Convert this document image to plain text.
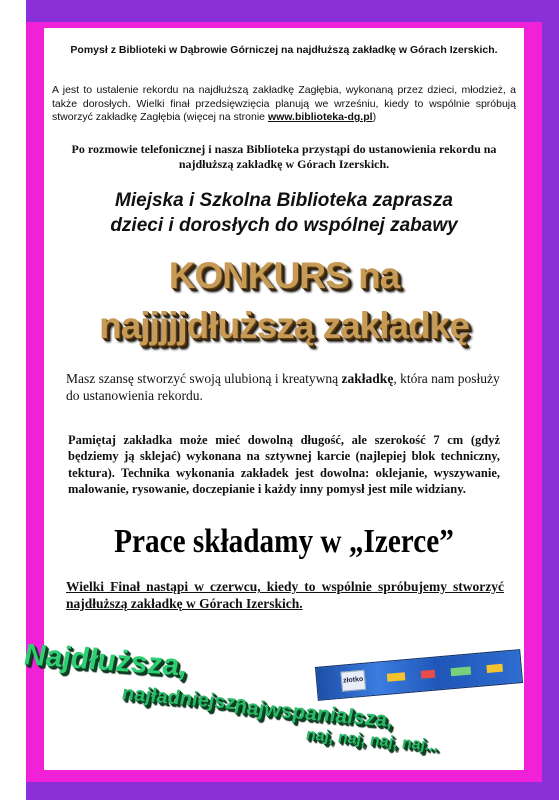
Pomysł z Biblioteki w Dąbrowie Górniczej na najdłuższą zakładkę w Górach Izerskich.
A jest to ustalenie rekordu na najdłuższą zakładkę Zagłębia, wykonaną przez dzieci, młodzież, a także dorosłych. Wielki finał przedsięwzięcia planują we wrześniu, kiedy to wspólnie spróbują stworzyć zakładkę Zagłębia (więcej na stronie www.biblioteka-dg.pl)
Po rozmowie telefonicznej i nasza Biblioteka przystąpi do ustanowienia rekordu na najdłuższą zakładkę w Górach Izerskich.
Miejska i Szkolna Biblioteka zaprasza
dzieci i dorosłych do wspólnej zabawy
KONKURS na
najjjjjdłuższą zakładkę
Masz szansę stworzyć swoją ulubioną i kreatywną zakładkę, która nam posłuży do ustanowienia rekordu.
Pamiętaj zakładka może mieć dowolną długość, ale szerokość 7 cm (gdyż będziemy ją sklejać) wykonana na sztywnej karcie (najlepiej blok techniczny, tektura). Technika wykonania zakładek jest dowolna: oklejanie, wyszywanie, malowanie, rysowanie, doczepianie i każdy inny pomysł jest mile widziany.
Prace składamy w „Izerce”
Wielki Finał nastąpi w czerwcu, kiedy to wspólnie spróbujemy stworzyć najdłuższą zakładkę w Górach Izerskich.
złotko
Najdłuższa,
najładniejsza,
najwspanialsza,
naj, naj, naj, naj...
